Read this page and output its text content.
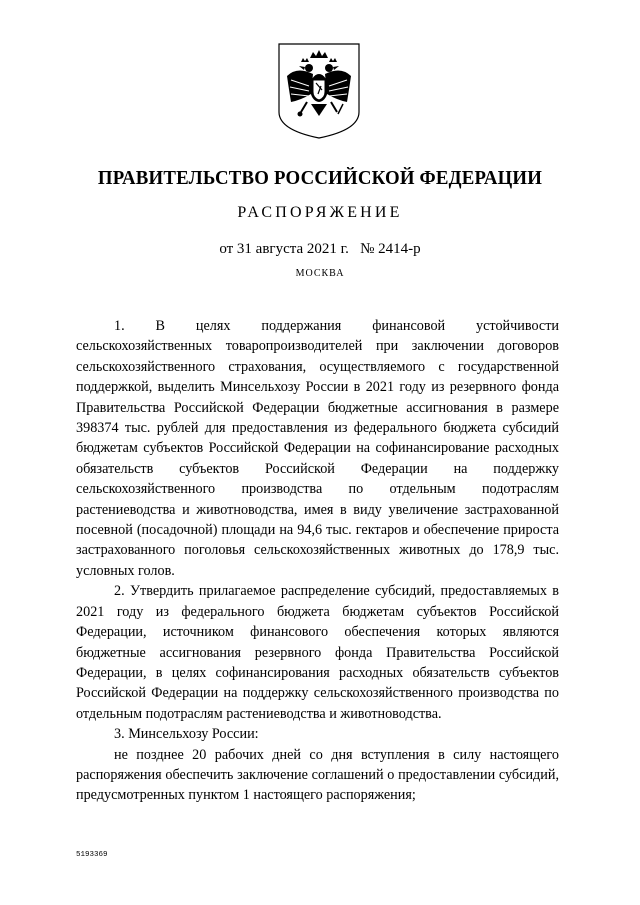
ПРАВИТЕЛЬСТВО РОССИЙСКОЙ ФЕДЕРАЦИИ
РАСПОРЯЖЕНИЕ
от 31 августа 2021 г.   № 2414-р
МОСКВА

1. В целях поддержания финансовой устойчивости сельскохозяйственных товаропроизводителей при заключении договоров сельскохозяйственного страхования, осуществляемого с государственной поддержкой, выделить Минсельхозу России в 2021 году из резервного фонда Правительства Российской Федерации бюджетные ассигнования в размере 398374 тыс. рублей для предоставления из федерального бюджета субсидий бюджетам субъектов Российской Федерации на софинансирование расходных обязательств субъектов Российской Федерации на поддержку сельскохозяйственного производства по отдельным подотраслям растениеводства и животноводства, имея в виду увеличение застрахованной посевной (посадочной) площади на 94,6 тыс. гектаров и обеспечение прироста застрахованного поголовья сельскохозяйственных животных до 178,9 тыс. условных голов.

2. Утвердить прилагаемое распределение субсидий, предоставляемых в 2021 году из федерального бюджета бюджетам субъектов Российской Федерации, источником финансового обеспечения которых являются бюджетные ассигнования резервного фонда Правительства Российской Федерации, в целях софинансирования расходных обязательств субъектов Российской Федерации на поддержку сельскохозяйственного производства по отдельным подотраслям растениеводства и животноводства.

3. Минсельхозу России:

не позднее 20 рабочих дней со дня вступления в силу настоящего распоряжения обеспечить заключение соглашений о предоставлении субсидий, предусмотренных пунктом 1 настоящего распоряжения;

5193369
